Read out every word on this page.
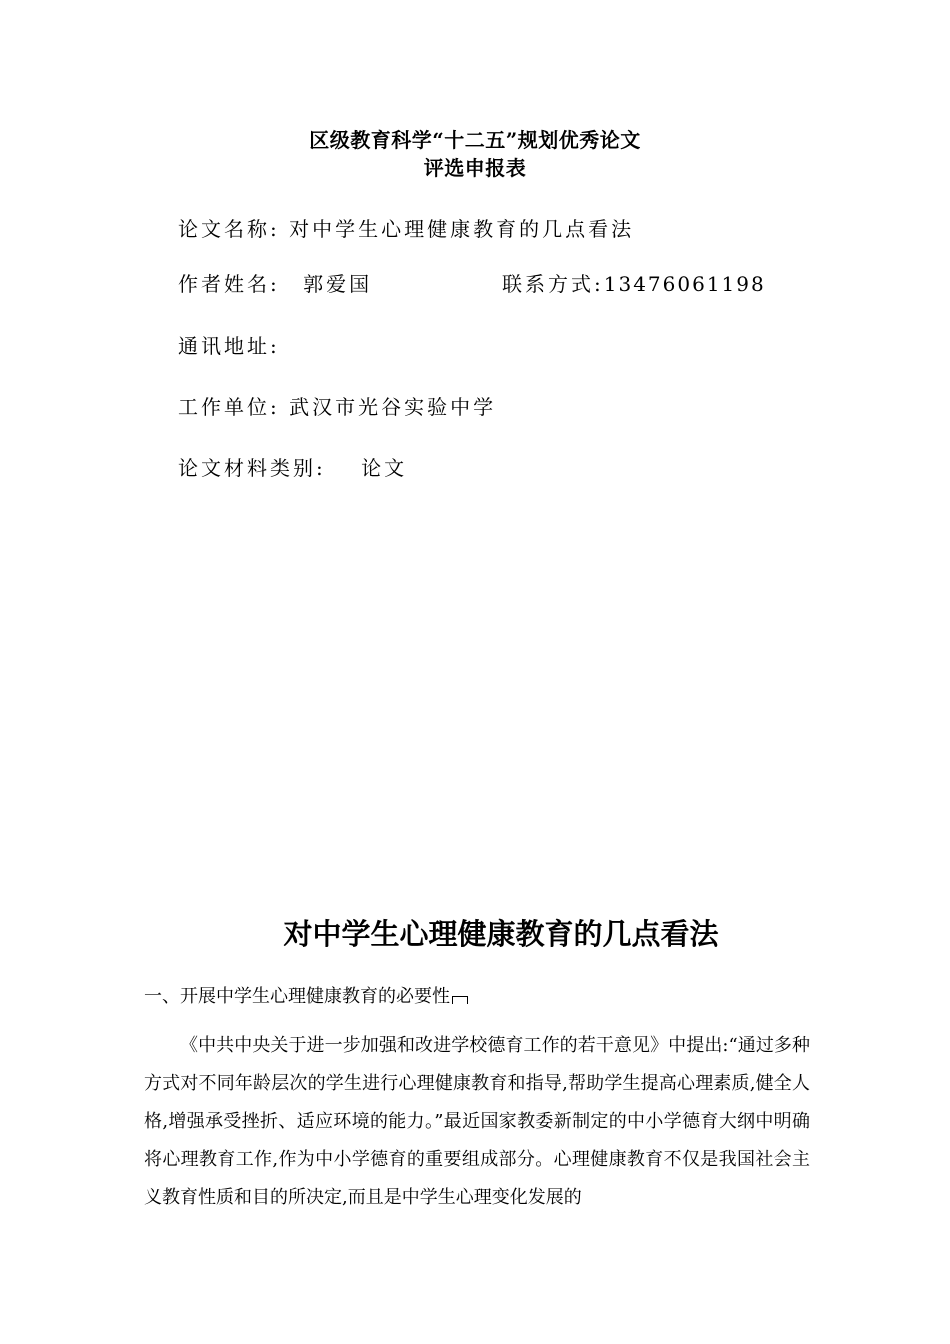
区级教育科学“十二五”规划优秀论文
评选申报表
论文名称: 对中学生心理健康教育的几点看法
作者姓名: 郭爱国	联系方式:13476061198
通讯地址:
工作单位: 武汉市光谷实验中学
论文材料类别: 论文
对中学生心理健康教育的几点看法
一、开展中学生心理健康教育的必要性
《中共中央关于进一步加强和改进学校德育工作的若干意见》中提出:“通过多种方式对不同年龄层次的学生进行心理健康教育和指导,帮助学生提高心理素质,健全人格,增强承受挫折、适应环境的能力。”最近国家教委新制定的中小学德育大纲中明确将心理教育工作,作为中小学德育的重要组成部分。心理健康教育不仅是我国社会主义教育性质和目的所决定,而且是中学生心理变化发展的
